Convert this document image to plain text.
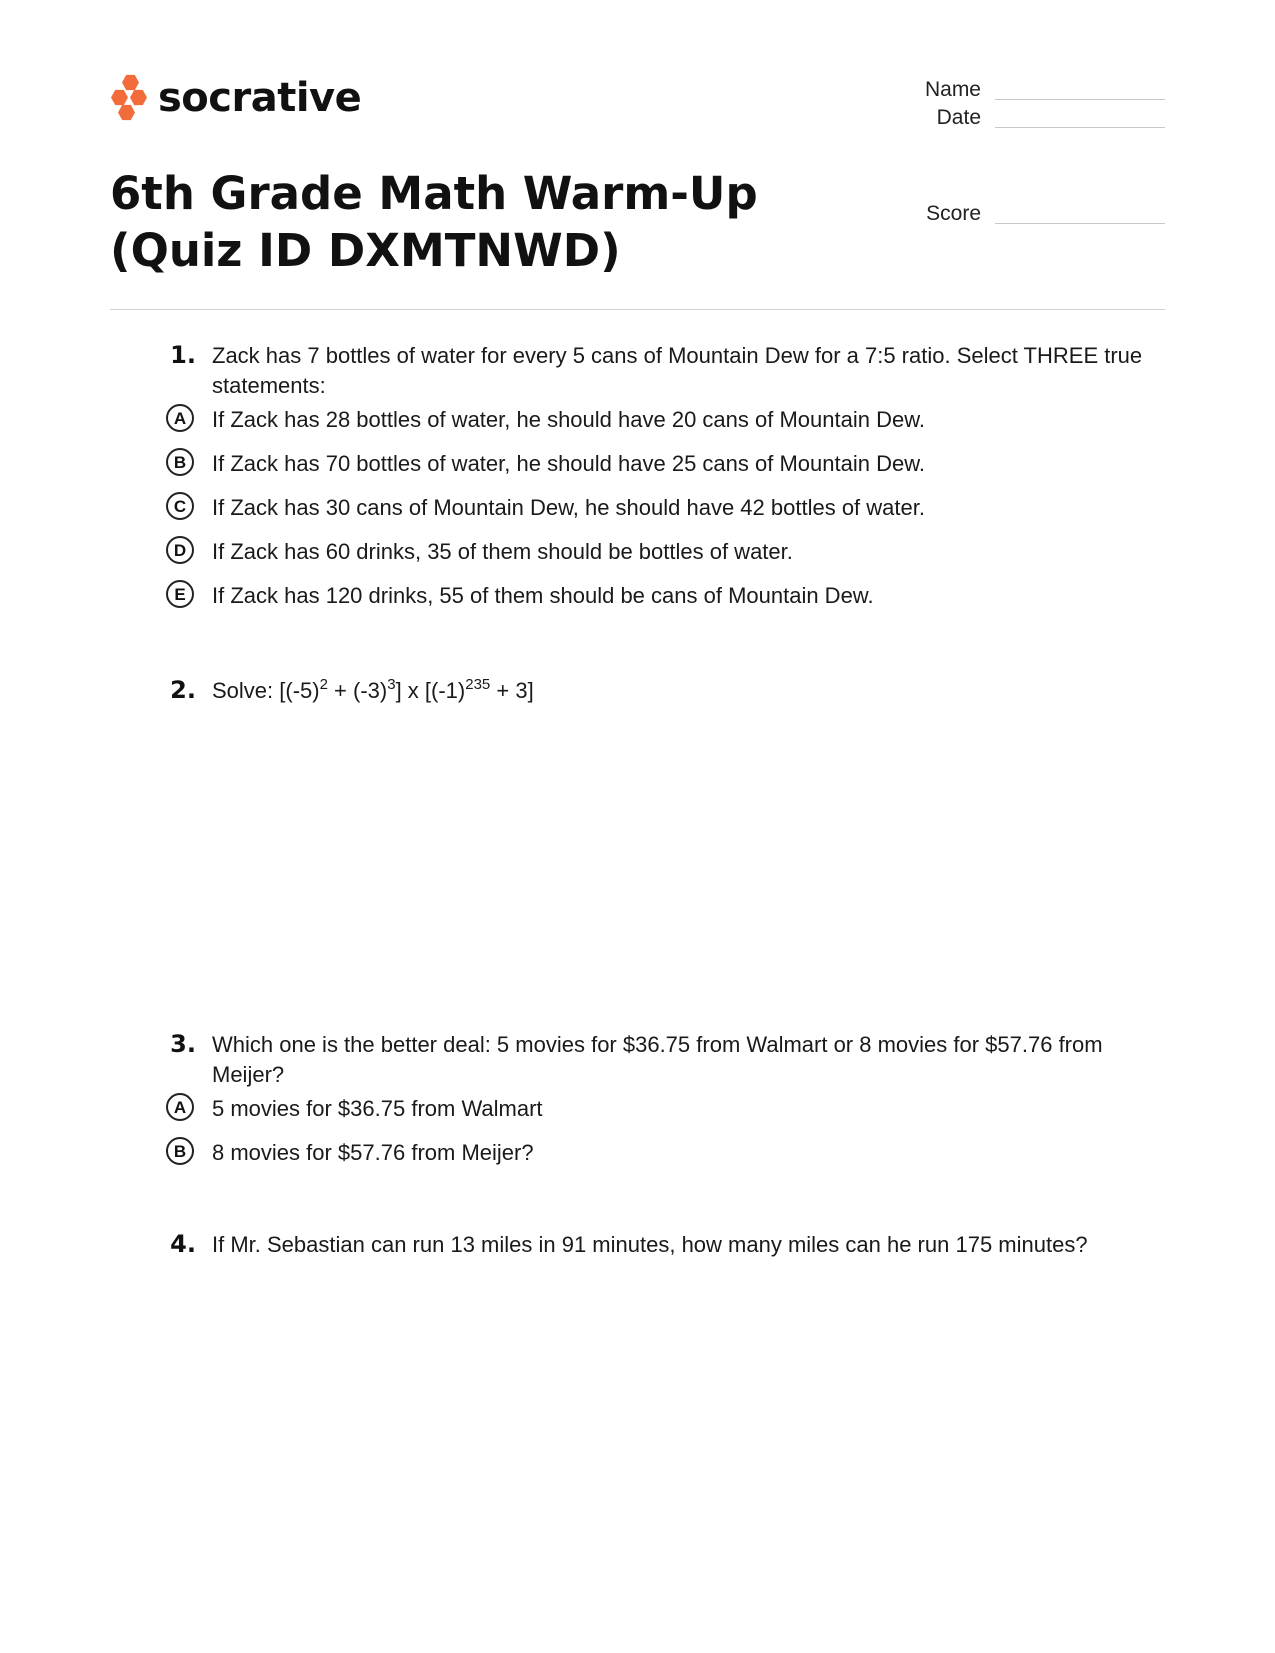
socrative	Name
Date
Score
6th Grade Math Warm-Up (Quiz ID DXMTNWD)
1. Zack has 7 bottles of water for every 5 cans of Mountain Dew for a 7:5 ratio. Select THREE true statements:
A	If Zack has 28 bottles of water, he should have 20 cans of Mountain Dew.
B	If Zack has 70 bottles of water, he should have 25 cans of Mountain Dew.
C	If Zack has 30 cans of Mountain Dew, he should have 42 bottles of water.
D	If Zack has 60 drinks, 35 of them should be bottles of water.
E	If Zack has 120 drinks, 55 of them should be cans of Mountain Dew.
2. Solve: $[(-5)^2 + (-3)^3]$ x $[(-1)^{235} + 3]$
3. Which one is the better deal: 5 movies for $36.75 from Walmart or 8 movies for $57.76 from Meijer?
A	5 movies for $36.75 from Walmart
B	8 movies for $57.76 from Meijer?
4. If Mr. Sebastian can run 13 miles in 91 minutes, how many miles can he run 175 minutes?
